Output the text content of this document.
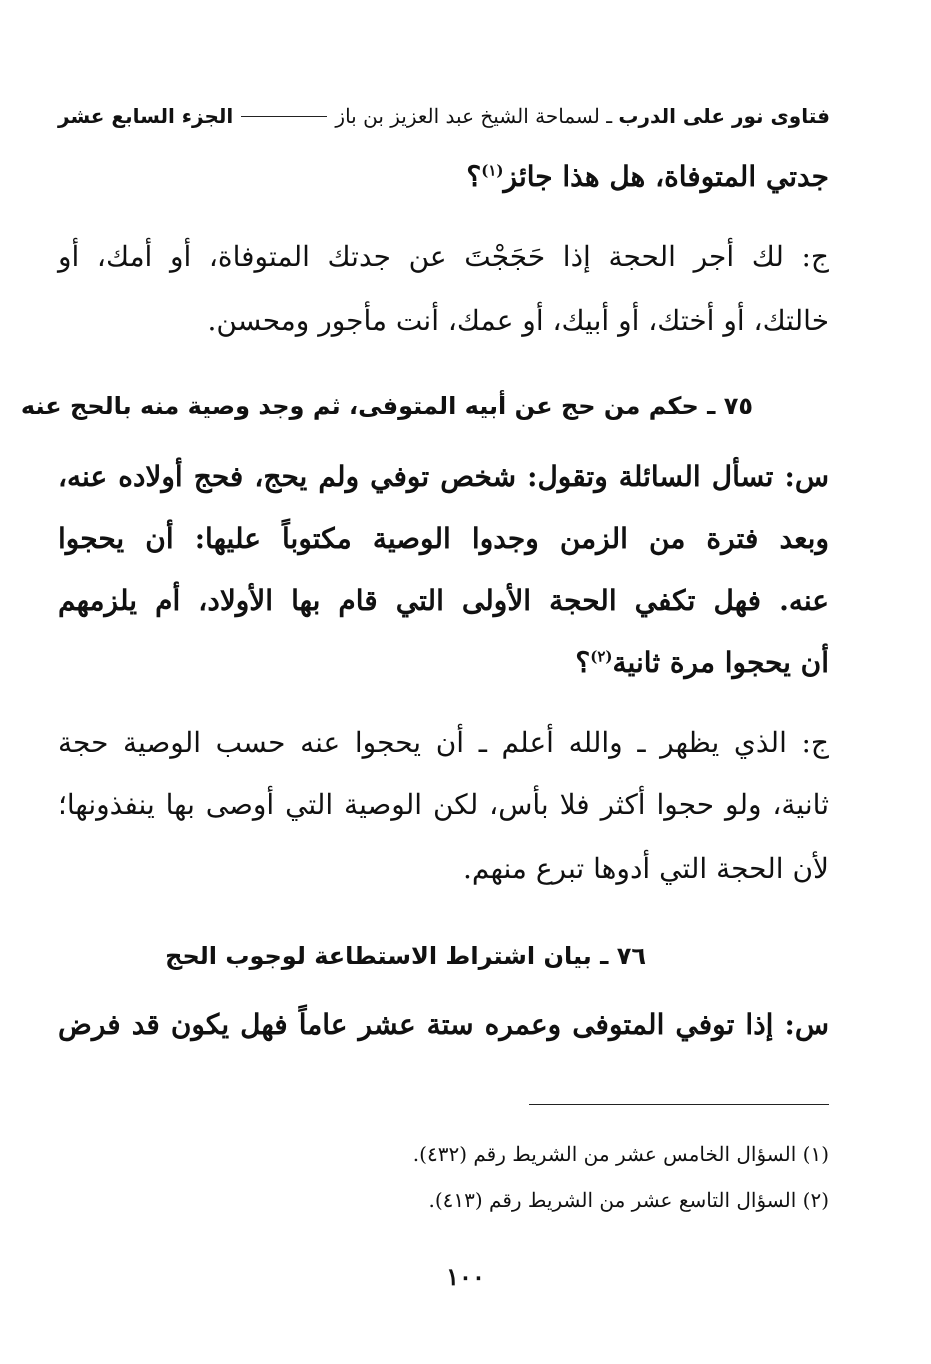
فتاوى نور على الدرب ـ لسماحة الشيخ عبد العزيز بن باز
الجزء السابع عشر
جدتي المتوفاة، هل هذا جائز$^{(١)}$؟
ج: لك أجر الحجة إذا حَجَجْتَ عن جدتك المتوفاة، أو أمك، أو
خالتك، أو أختك، أو أبيك، أو عمك، أنت مأجور ومحسن.
٧٥ ـ حكم من حج عن أبيه المتوفى، ثم وجد وصية منه بالحج عنه
س: تسأل السائلة وتقول: شخص توفي ولم يحج، فحج أولاده عنه،
وبعد فترة من الزمن وجدوا الوصية مكتوباً عليها: أن يحجوا
عنه. فهل تكفي الحجة الأولى التي قام بها الأولاد، أم يلزمهم
أن يحجوا مرة ثانية$^{(٢)}$؟
ج: الذي يظهر ـ والله أعلم ـ أن يحجوا عنه حسب الوصية حجة
ثانية، ولو حجوا أكثر فلا بأس، لكن الوصية التي أوصى بها ينفذونها؛
لأن الحجة التي أدوها تبرع منهم.
٧٦ ـ بيان اشتراط الاستطاعة لوجوب الحج
س: إذا توفي المتوفى وعمره ستة عشر عاماً فهل يكون قد فرض
(١) السؤال الخامس عشر من الشريط رقم (٤٣٢).
(٢) السؤال التاسع عشر من الشريط رقم (٤١٣).
١٠٠
